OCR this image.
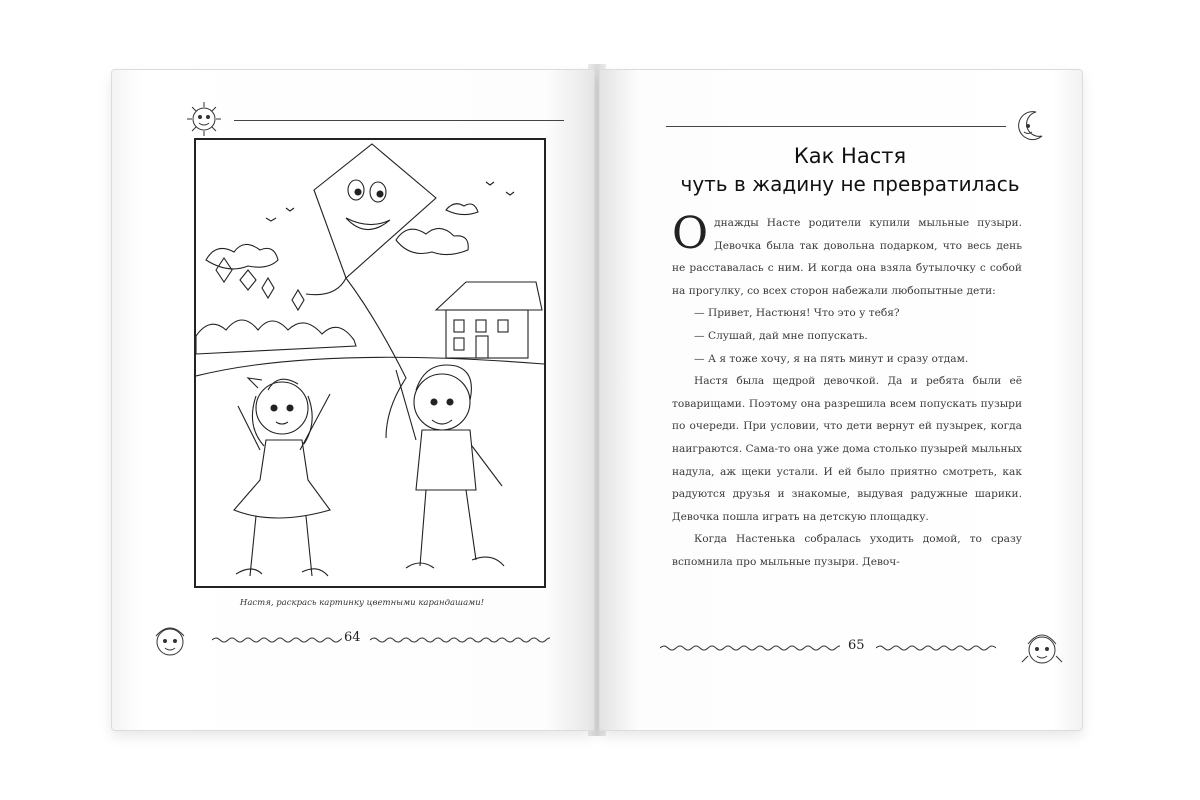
Настя, раскрась картинку цветными карандашами!
64
Как Настя
чуть в жадину не превратилась

Однажды Насте родители купили мыльные пузыри. Девочка была так довольна подарком, что весь день не расставалась с ним. И когда она взяла бутылочку с собой на прогулку, со всех сторон набежали любопытные дети:

— Привет, Настюня! Что это у тебя?

— Слушай, дай мне попускать.

— А я тоже хочу, я на пять минут и сразу отдам.

Настя была щедрой девочкой. Да и ребята были её товарищами. Поэтому она разрешила всем попускать пузыри по очереди. При условии, что дети вернут ей пузырек, когда наиграются. Сама-то она уже дома столько пузырей мыльных надула, аж щеки устали. И ей было приятно смотреть, как радуются друзья и знакомые, выдувая радужные шарики. Девочка пошла играть на детскую площадку.

Когда Настенька собралась уходить домой, то сразу вспомнила про мыльные пузыри. Девоч-

65
